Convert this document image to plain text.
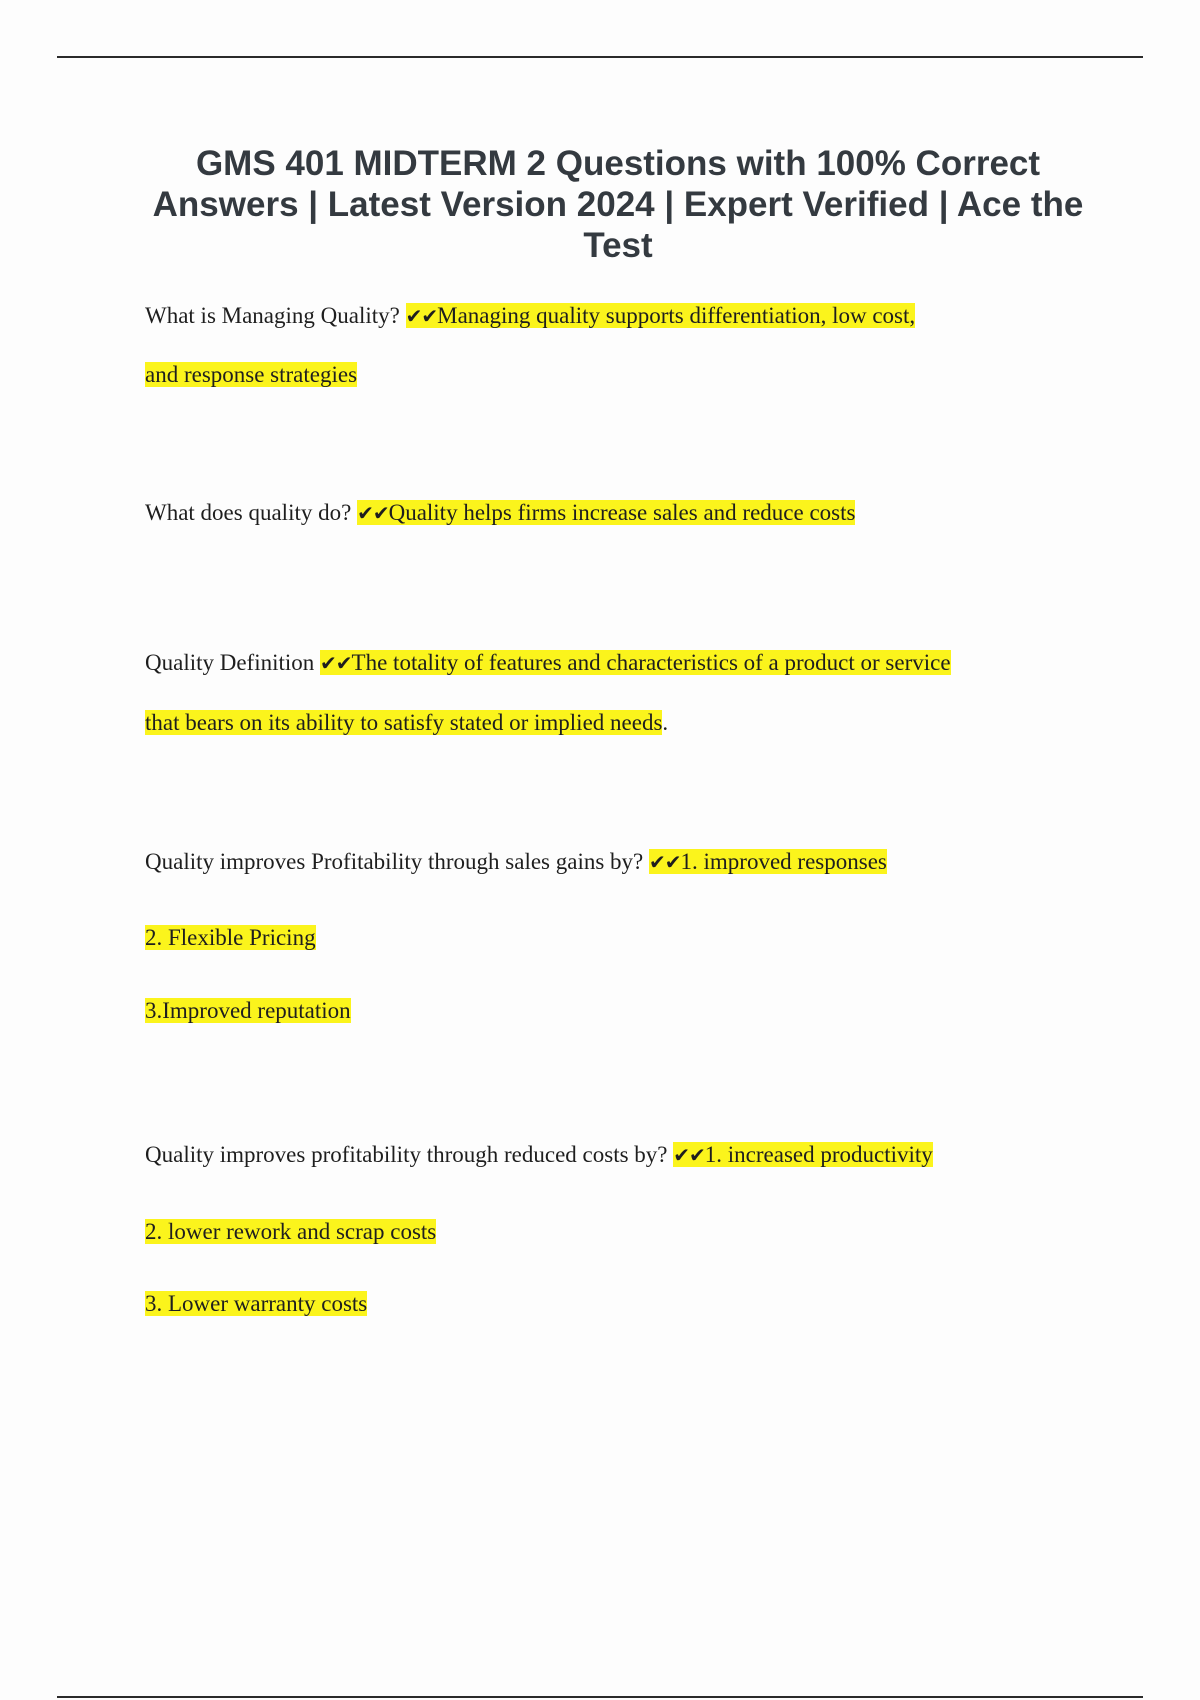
GMS 401 MIDTERM 2 Questions with 100% Correct Answers | Latest Version 2024 | Expert Verified | Ace the Test
What is Managing Quality? ✔✔Managing quality supports differentiation, low cost,
and response strategies
What does quality do? ✔✔Quality helps firms increase sales and reduce costs
Quality Definition ✔✔The totality of features and characteristics of a product or service
that bears on its ability to satisfy stated or implied needs.
Quality improves Profitability through sales gains by? ✔✔1. improved responses
2. Flexible Pricing
3.Improved reputation
Quality improves profitability through reduced costs by? ✔✔1. increased productivity
2. lower rework and scrap costs
3. Lower warranty costs
